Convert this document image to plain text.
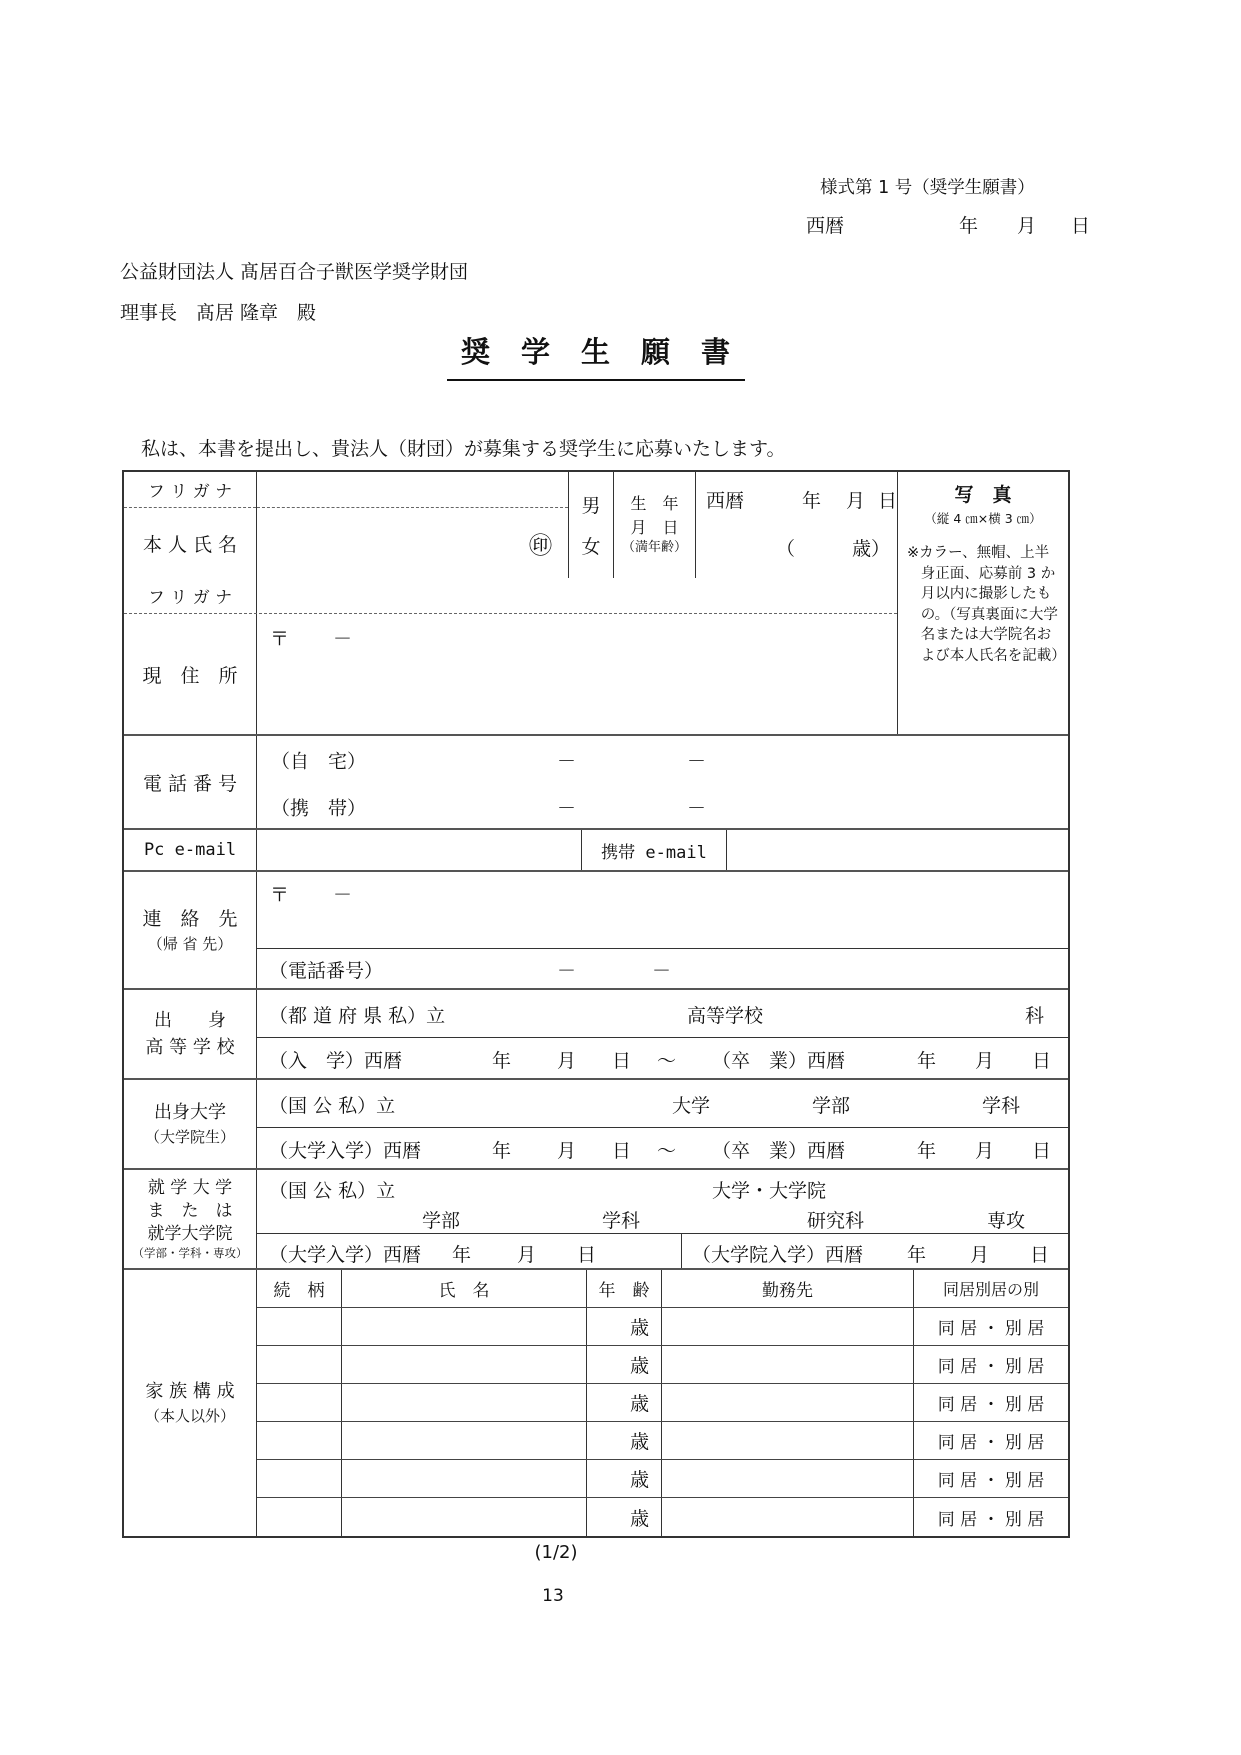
様式第 1 号（奨学生願書）
西暦	年 月 日
公益財団法人 髙居百合子獣医学奨学財団
理事長　髙居 隆章　殿
奨　学　生　願　書
私は、本書を提出し、貴法人（財団）が募集する奨学生に応募いたします。
フ リ ガ ナ
本 人 氏 名	㊞
男
女
生　年
月　日
（満年齢）
西暦	年 月 日
（　　　歳）
フ リ ガ ナ
現　住　所
〒 －
写　真
（縦 4 ㎝×横 3 ㎝）
※カラー、無帽、上半身正面、応募前 3 か月以内に撮影したもの。（写真裏面に大学名または大学院名および本人氏名を記載）
電 話 番 号
（自　宅）	－	－
（携　帯）	－	－
Pc e-mail	携帯 e-mail
連　絡　先
（帰 省 先）
〒 －
（電話番号）	－	－
出　　身
高 等 学 校
（都 道 府 県 私）立	高等学校	科
（入　学）西暦	年 月 日 ～ （卒　業）西暦	年 月 日
出身大学
（大学院生）
（国 公 私）立	大学	学部	学科
（大学入学）西暦	年 月 日 ～ （卒　業）西暦	年 月 日
就 学 大 学
ま　た　は
就学大学院
（学部・学科・専攻）
（国 公 私）立	大学・大学院
学部	学科	研究科	専攻
（大学入学）西暦 年 月 日	（大学院入学）西暦 年 月 日
家 族 構 成
（本人以外）
続　柄	氏　名	年　齢	勤務先	同居別居の別
歳	同 居 ・ 別 居
歳	同 居 ・ 別 居
歳	同 居 ・ 別 居
歳	同 居 ・ 別 居
歳	同 居 ・ 別 居
歳	同 居 ・ 別 居
(1/2)
13
